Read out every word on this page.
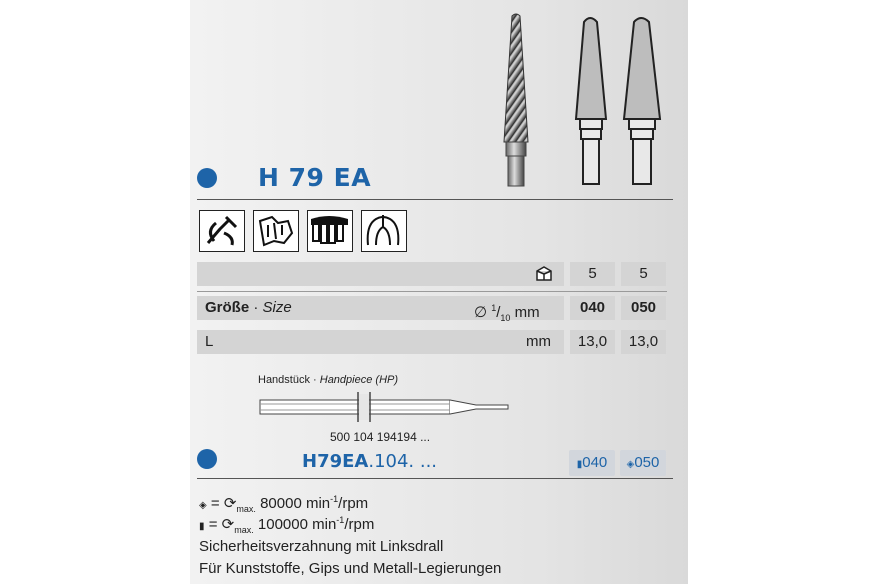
H 79 EA
5	5
Größe · Size	∅ $^1/_{10}$ mm	040	050
L	mm	13,0	13,0
Handstück · Handpiece (HP)
500 104 194194 ...
H79EA.104. ...	▮040	◈050
◈ = $⟳_{max.}$ 80000 $\min^{-1}$/rpm
▮ = $⟳_{max.}$ 100000 $\min^{-1}$/rpm
Sicherheitsverzahnung mit Linksdrall
Für Kunststoffe, Gips und Metall-Legierungen
